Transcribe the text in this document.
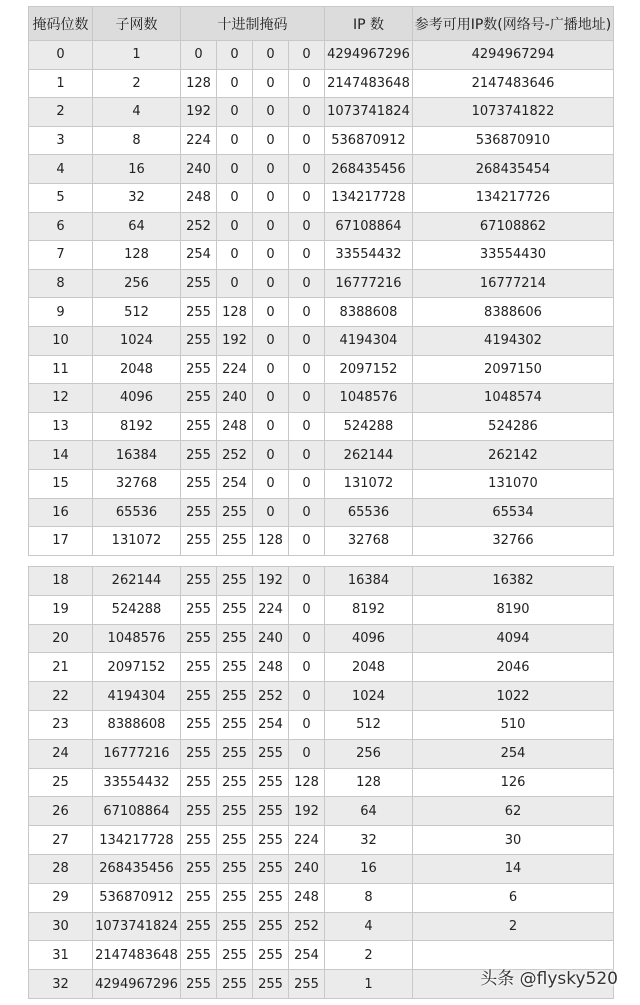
掩码位数	子网数	十进制掩码				IP 数	参考可用IP数(网络号-广播地址)
0	1	0	0	0	0	4294967296	4294967294
1	2	128	0	0	0	2147483648	2147483646
2	4	192	0	0	0	1073741824	1073741822
3	8	224	0	0	0	536870912	536870910
4	16	240	0	0	0	268435456	268435454
5	32	248	0	0	0	134217728	134217726
6	64	252	0	0	0	67108864	67108862
7	128	254	0	0	0	33554432	33554430
8	256	255	0	0	0	16777216	16777214
9	512	255	128	0	0	8388608	8388606
10	1024	255	192	0	0	4194304	4194302
11	2048	255	224	0	0	2097152	2097150
12	4096	255	240	0	0	1048576	1048574
13	8192	255	248	0	0	524288	524286
14	16384	255	252	0	0	262144	262142
15	32768	255	254	0	0	131072	131070
16	65536	255	255	0	0	65536	65534
17	131072	255	255	128	0	32768	32766
18	262144	255	255	192	0	16384	16382
19	524288	255	255	224	0	8192	8190
20	1048576	255	255	240	0	4096	4094
21	2097152	255	255	248	0	2048	2046
22	4194304	255	255	252	0	1024	1022
23	8388608	255	255	254	0	512	510
24	16777216	255	255	255	0	256	254
25	33554432	255	255	255	128	128	126
26	67108864	255	255	255	192	64	62
27	134217728	255	255	255	224	32	30
28	268435456	255	255	255	240	16	14
29	536870912	255	255	255	248	8	6
30	1073741824	255	255	255	252	4	2
31	2147483648	255	255	255	254	2	
32	4294967296	255	255	255	255	1		头条 @flysky520
